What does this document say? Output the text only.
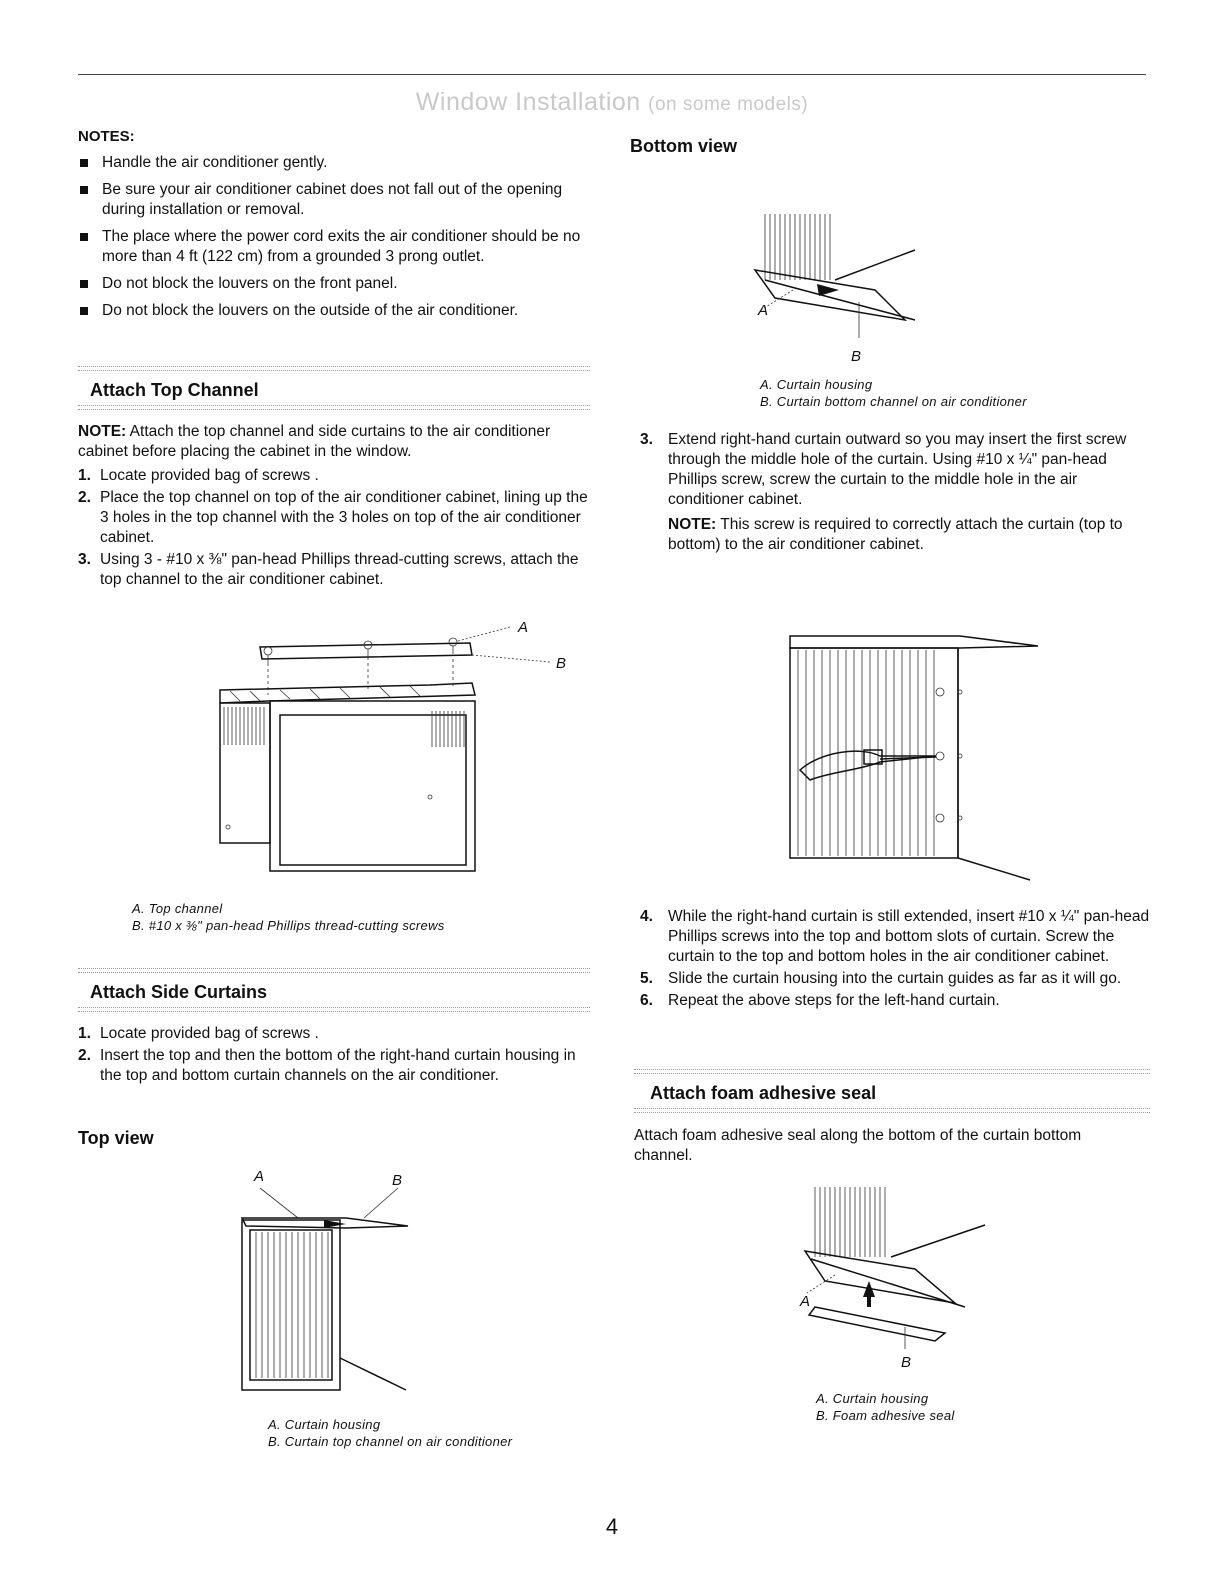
Window Installation (on some models)
NOTES:
Handle the air conditioner gently.
Be sure your air conditioner cabinet does not fall out of the opening during installation or removal.
The place where the power cord exits the air conditioner should be no more than 4 ft (122 cm) from a grounded 3 prong outlet.
Do not block the louvers on the front panel.
Do not block the louvers on the outside of the air conditioner.
Attach Top Channel
NOTE: Attach the top channel and side curtains to the air conditioner cabinet before placing the cabinet in the window.
1. Locate provided bag of screws .
2. Place the top channel on top of the air conditioner cabinet, lining up the 3 holes in the top channel with the 3 holes on top of the air conditioner cabinet.
3. Using 3 - #10 x ⅜" pan-head Phillips thread-cutting screws, attach the top channel to the air conditioner cabinet.
A
B
A. Top channel
B. #10 x ⅜" pan-head Phillips thread-cutting screws
Attach Side Curtains
1. Locate provided bag of screws .
2. Insert the top and then the bottom of the right-hand curtain housing in the top and bottom curtain channels on the air conditioner.
Top view
A	B
A. Curtain housing
B. Curtain top channel on air conditioner
Bottom view
A
B
A. Curtain housing
B. Curtain bottom channel on air conditioner
3. Extend right-hand curtain outward so you may insert the first screw through the middle hole of the curtain. Using #10 x ¼" pan-head Phillips screw, screw the curtain to the middle hole in the air conditioner cabinet.
NOTE: This screw is required to correctly attach the curtain (top to bottom) to the air conditioner cabinet.
4. While the right-hand curtain is still extended, insert #10 x ¼" pan-head Phillips screws into the top and bottom slots of curtain. Screw the curtain to the top and bottom holes in the air conditioner cabinet.
5. Slide the curtain housing into the curtain guides as far as it will go.
6. Repeat the above steps for the left-hand curtain.
Attach foam adhesive seal
Attach foam adhesive seal along the bottom of the curtain bottom channel.
A
B
A. Curtain housing
B. Foam adhesive seal
4
